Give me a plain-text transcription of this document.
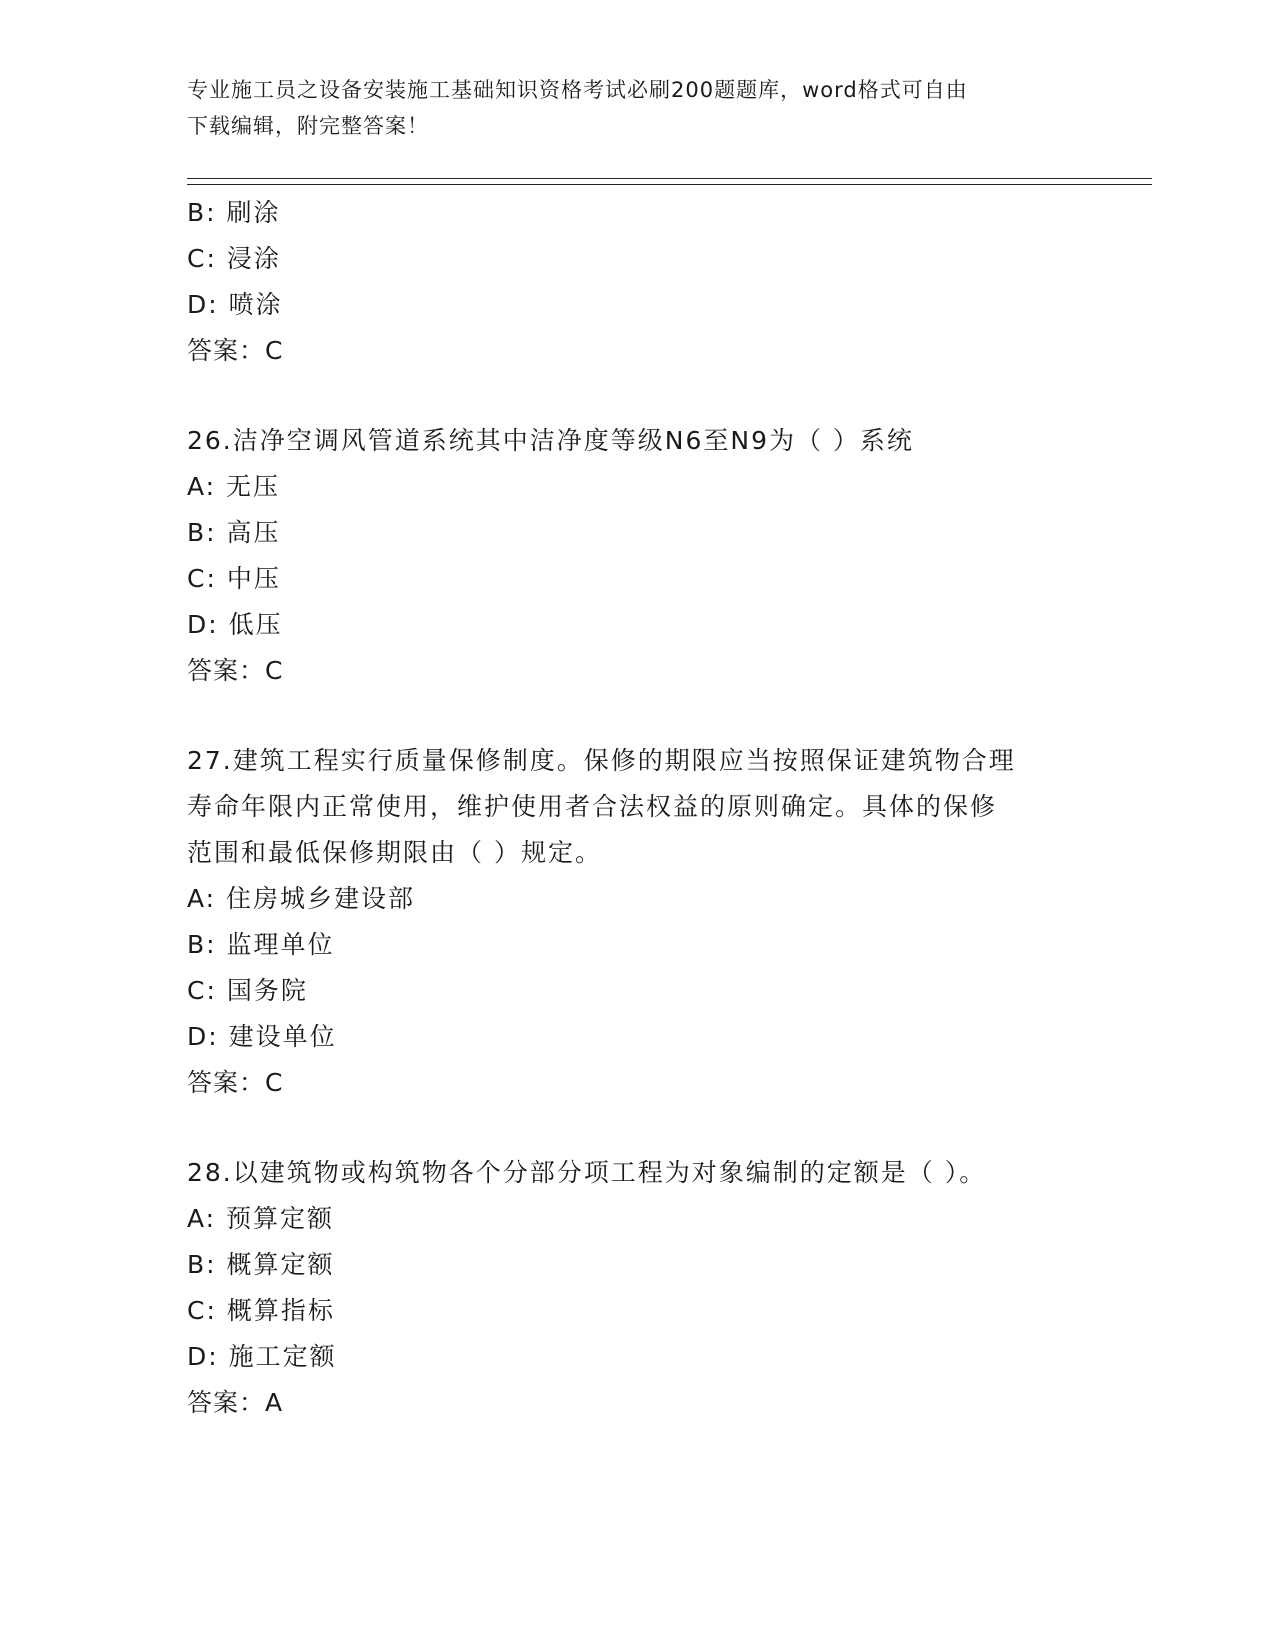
专业施工员之设备安装施工基础知识资格考试必刷200题题库，word格式可自由
下载编辑，附完整答案！
B: 刷涂
C: 浸涂
D: 喷涂
答案：C
26.洁净空调风管道系统其中洁净度等级N6至N9为（ ）系统
A: 无压
B: 高压
C: 中压
D: 低压
答案：C
27.建筑工程实行质量保修制度。保修的期限应当按照保证建筑物合理
寿命年限内正常使用，维护使用者合法权益的原则确定。具体的保修
范围和最低保修期限由（ ）规定。
A: 住房城乡建设部
B: 监理单位
C: 国务院
D: 建设单位
答案：C
28.以建筑物或构筑物各个分部分项工程为对象编制的定额是（ ）。
A: 预算定额
B: 概算定额
C: 概算指标
D: 施工定额
答案：A
